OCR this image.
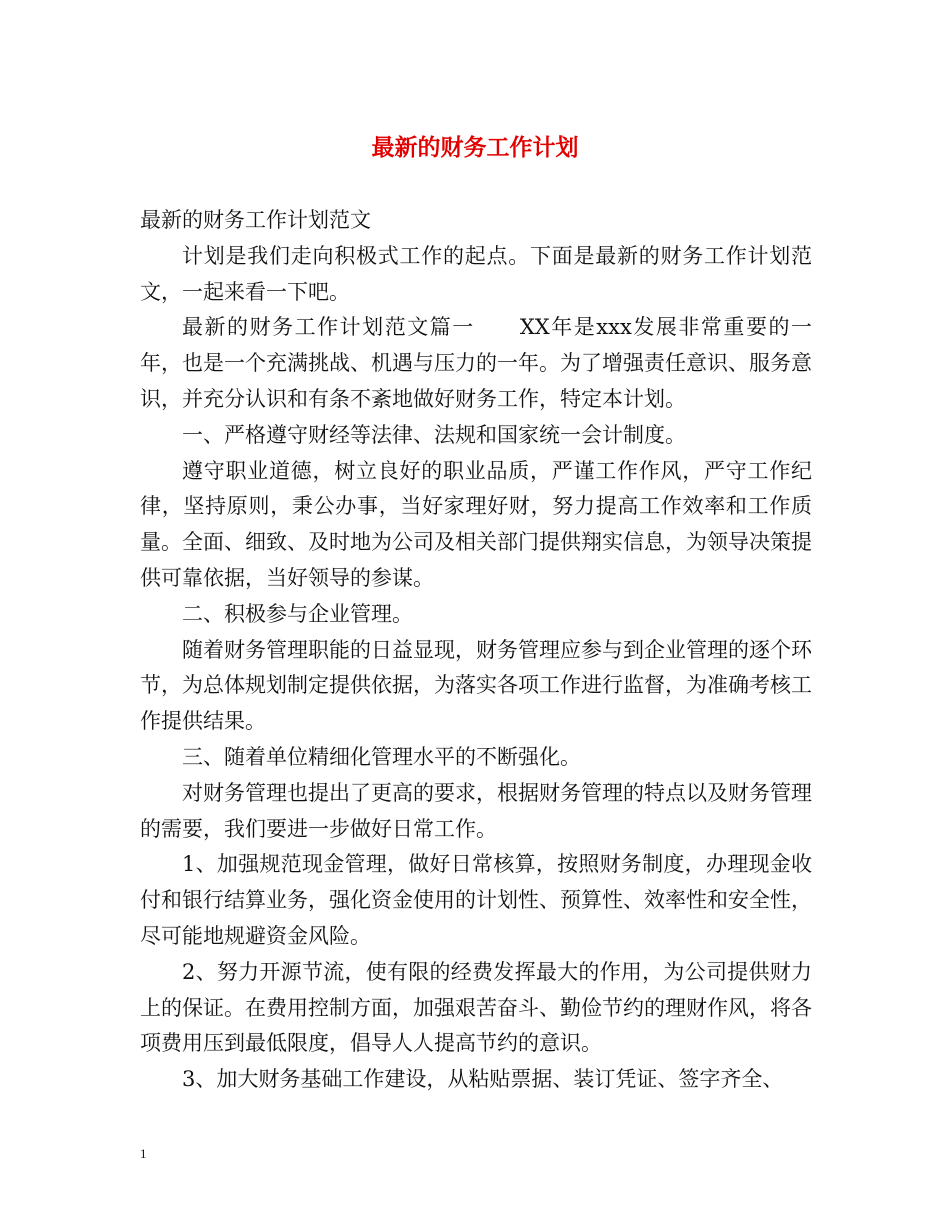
最新的财务工作计划

最新的财务工作计划范文

计划是我们走向积极式工作的起点。下面是最新的财务工作计划范文，一起来看一下吧。

最新的财务工作计划范文篇一　　XX年是xxx发展非常重要的一年，也是一个充满挑战、机遇与压力的一年。为了增强责任意识、服务意识，并充分认识和有条不紊地做好财务工作，特定本计划。

一、严格遵守财经等法律、法规和国家统一会计制度。

遵守职业道德，树立良好的职业品质，严谨工作作风，严守工作纪律，坚持原则，秉公办事，当好家理好财，努力提高工作效率和工作质量。全面、细致、及时地为公司及相关部门提供翔实信息，为领导决策提供可靠依据，当好领导的参谋。

二、积极参与企业管理。

随着财务管理职能的日益显现，财务管理应参与到企业管理的逐个环节，为总体规划制定提供依据，为落实各项工作进行监督，为准确考核工作提供结果。

三、随着单位精细化管理水平的不断强化。

对财务管理也提出了更高的要求，根据财务管理的特点以及财务管理的需要，我们要进一步做好日常工作。

1、加强规范现金管理，做好日常核算，按照财务制度，办理现金收付和银行结算业务，强化资金使用的计划性、预算性、效率性和安全性，尽可能地规避资金风险。

2、努力开源节流，使有限的经费发挥最大的作用，为公司提供财力上的保证。在费用控制方面，加强艰苦奋斗、勤俭节约的理财作风，将各项费用压到最低限度，倡导人人提高节约的意识。

3、加大财务基础工作建设，从粘贴票据、装订凭证、签字齐全、

1
